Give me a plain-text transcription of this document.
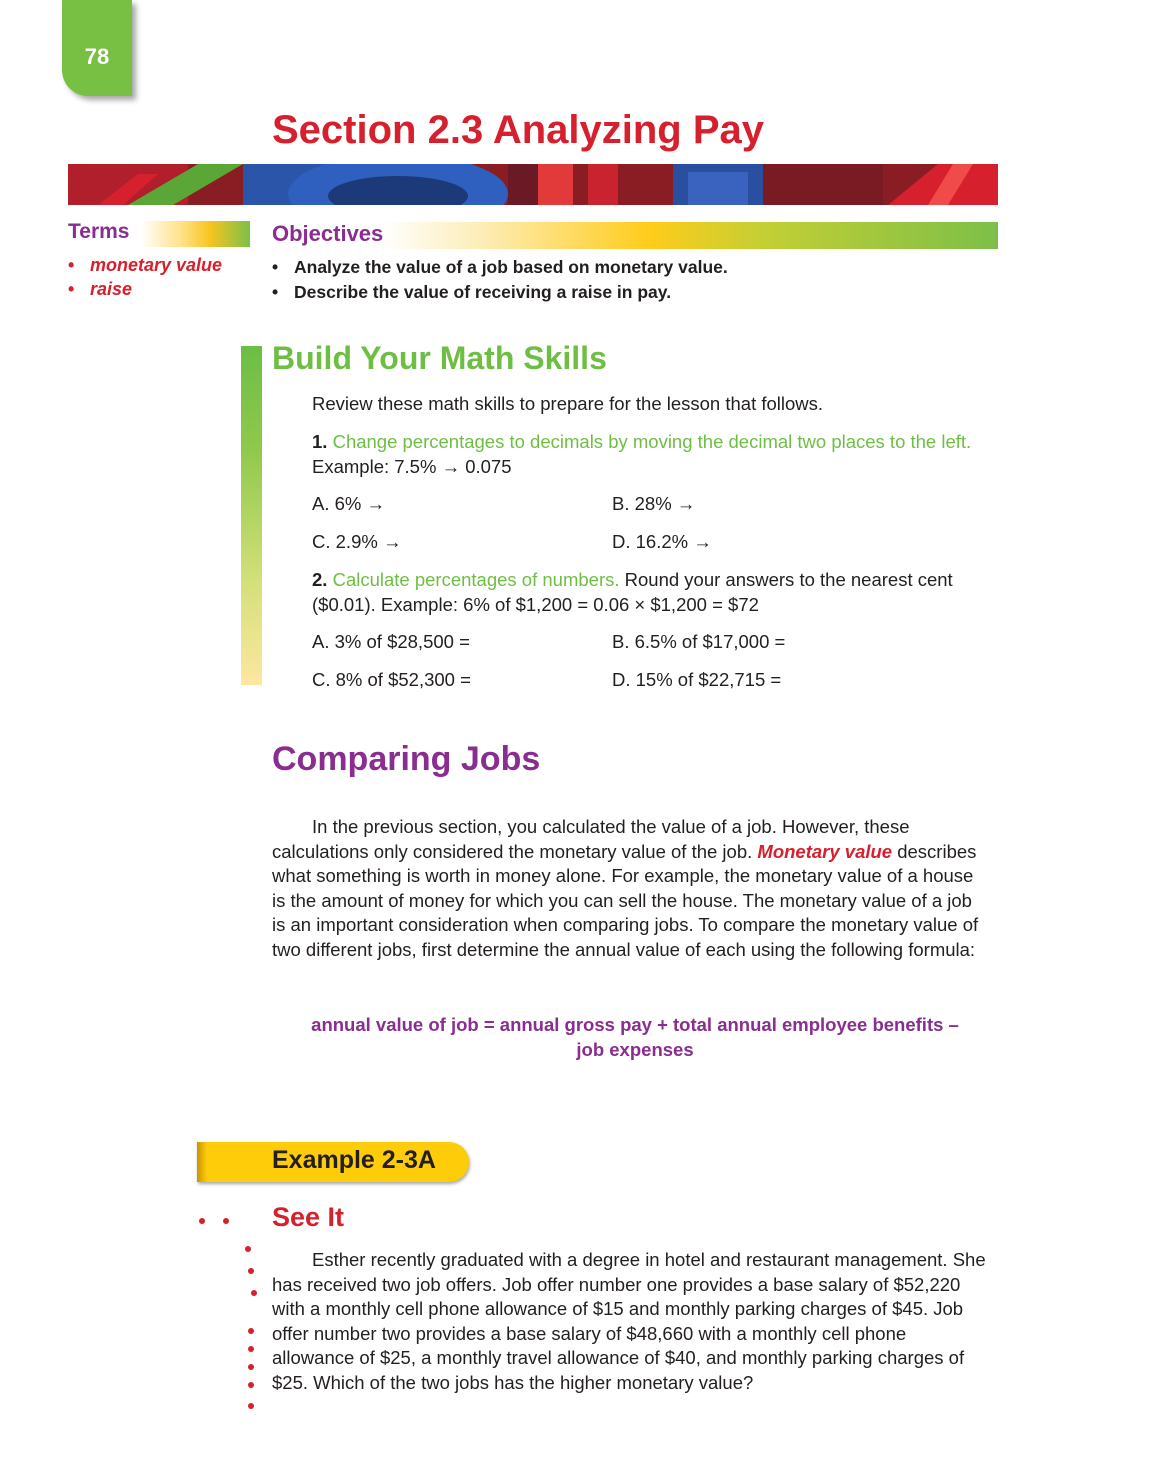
78
Section 2.3 Analyzing Pay
Terms
• monetary value
• raise
Objectives
• Analyze the value of a job based on monetary value.
• Describe the value of receiving a raise in pay.
Build Your Math Skills
Review these math skills to prepare for the lesson that follows.
1. Change percentages to decimals by moving the decimal two places to the left. Example: 7.5% → 0.075
A. 6% →	B. 28% →
C. 2.9% →	D. 16.2% →
2. Calculate percentages of numbers. Round your answers to the nearest cent ($0.01). Example: 6% of $1,200 = 0.06 × $1,200 = $72
A. 3% of $28,500 =	B. 6.5% of $17,000 =
C. 8% of $52,300 =	D. 15% of $22,715 =
Comparing Jobs
In the previous section, you calculated the value of a job. However, these calculations only considered the monetary value of the job. Monetary value describes what something is worth in money alone. For example, the monetary value of a house is the amount of money for which you can sell the house. The monetary value of a job is an important consideration when comparing jobs. To compare the monetary value of two different jobs, first determine the annual value of each using the following formula:
annual value of job = annual gross pay + total annual employee benefits –
job expenses
Example 2-3A
See It
Esther recently graduated with a degree in hotel and restaurant management. She has received two job offers. Job offer number one provides a base salary of $52,220 with a monthly cell phone allowance of $15 and monthly parking charges of $45. Job offer number two provides a base salary of $48,660 with a monthly cell phone allowance of $25, a monthly travel allowance of $40, and monthly parking charges of $25. Which of the two jobs has the higher monetary value?
